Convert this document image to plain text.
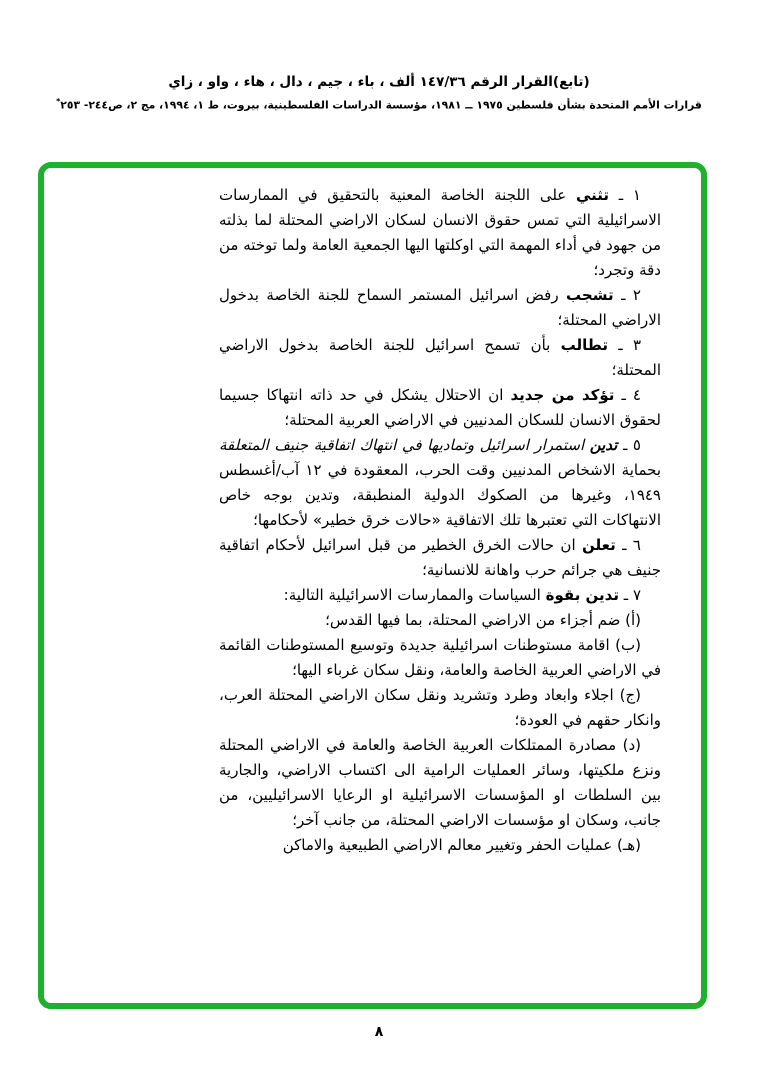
(تابع)القرار الرقم ١٤٧/٣٦ ألف ، باء ، جيم ، دال ، هاء ، واو ، زاي
قرارات الأمم المتحدة بشأن فلسطين ١٩٧٥ ــ ١٩٨١، مؤسسة الدراسات الفلسطينية، بيروت، ط ١، ١٩٩٤، مج ٢، ص٢٤٤- ٢٥٣*

١ ـ تثني على اللجنة الخاصة المعنية بالتحقيق في الممارسات الاسرائيلية التي تمس حقوق الانسان لسكان الاراضي المحتلة لما بذلته من جهود في أداء المهمة التي اوكلتها اليها الجمعية العامة ولما توخته من دقة وتجرد؛

٢ ـ تشجب رفض اسرائيل المستمر السماح للجنة الخاصة بدخول الاراضي المحتلة؛

٣ ـ تطالب بأن تسمح اسرائيل للجنة الخاصة بدخول الاراضي المحتلة؛

٤ ـ تؤكد من جديد ان الاحتلال يشكل في حد ذاته انتهاكا جسيما لحقوق الانسان للسكان المدنيين في الاراضي العربية المحتلة؛

٥ ـ تدين استمرار اسرائيل وتماديها في انتهاك اتفاقية جنيف المتعلقة بحماية الاشخاص المدنيين وقت الحرب، المعقودة في ١٢ آب/أغسطس ١٩٤٩، وغيرها من الصكوك الدولية المنطبقة، وتدين بوجه خاص الانتهاكات التي تعتبرها تلك الاتفاقية «حالات خرق خطير» لأحكامها؛

٦ ـ تعلن ان حالات الخرق الخطير من قبل اسرائيل لأحكام اتفاقية جنيف هي جرائم حرب واهانة للانسانية؛

٧ ـ تدين بقوة السياسات والممارسات الاسرائيلية التالية:

(أ) ضم أجزاء من الاراضي المحتلة، بما فيها القدس؛

(ب) اقامة مستوطنات اسرائيلية جديدة وتوسيع المستوطنات القائمة في الاراضي العربية الخاصة والعامة، ونقل سكان غرباء اليها؛

(ج) اجلاء وابعاد وطرد وتشريد ونقل سكان الاراضي المحتلة العرب، وانكار حقهم في العودة؛

(د) مصادرة الممتلكات العربية الخاصة والعامة في الاراضي المحتلة ونزع ملكيتها، وسائر العمليات الرامية الى اكتساب الاراضي، والجارية بين السلطات او المؤسسات الاسرائيلية او الرعايا الاسرائيليين، من جانب، وسكان او مؤسسات الاراضي المحتلة، من جانب آخر؛

(هـ) عمليات الحفر وتغيير معالم الاراضي الطبيعية والاماكن

٨
